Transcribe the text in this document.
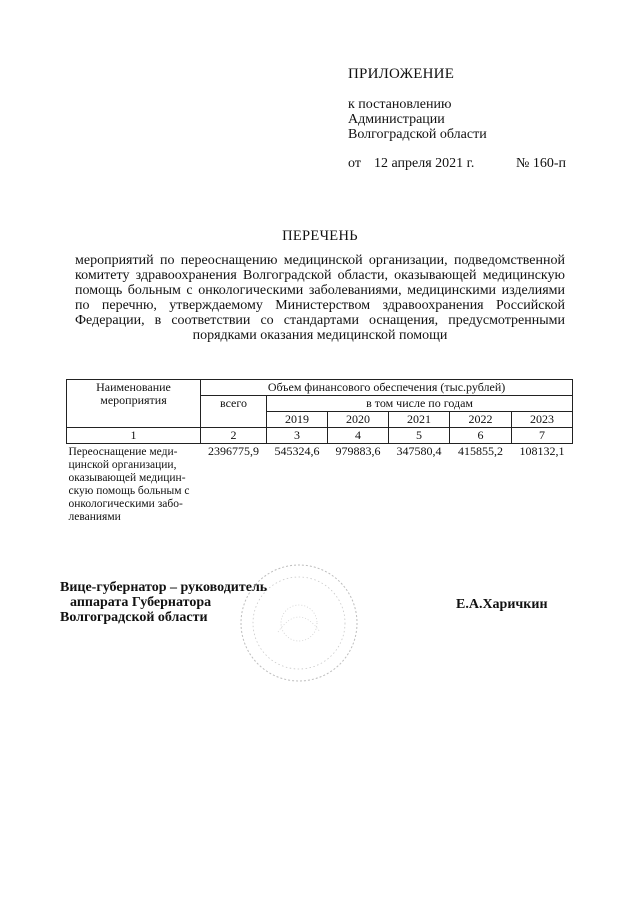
ПРИЛОЖЕНИЕ
к постановлению
Администрации
Волгоградской области
от 12 апреля 2021 г.	№ 160-п
ПЕРЕЧЕНЬ
мероприятий по переоснащению медицинской организации, подведомственной комитету здравоохранения Волгоградской области, оказывающей медицинскую помощь больным с онкологическими заболеваниями, медицинскими изделиями по перечню, утверждаемому Министерством здравоохранения Российской Федерации, в соответствии со стандартами оснащения, предусмотренными порядками оказания медицинской помощи
Наименование мероприятия	Объем финансового обеспечения (тыс.рублей)					
	всего	в том числе по годам				
		2019	2020	2021	2022	2023
1	2	3	4	5	6	7
Переоснащение меди-цинской организации, оказывающей медицин-скую помощь больным с онкологическими забо-леваниями	2396775,9	545324,6	979883,6	347580,4	415855,2	108132,1
Вице-губернатор – руководитель
аппарата Губернатора
Волгоградской области
Е.А.Харичкин
